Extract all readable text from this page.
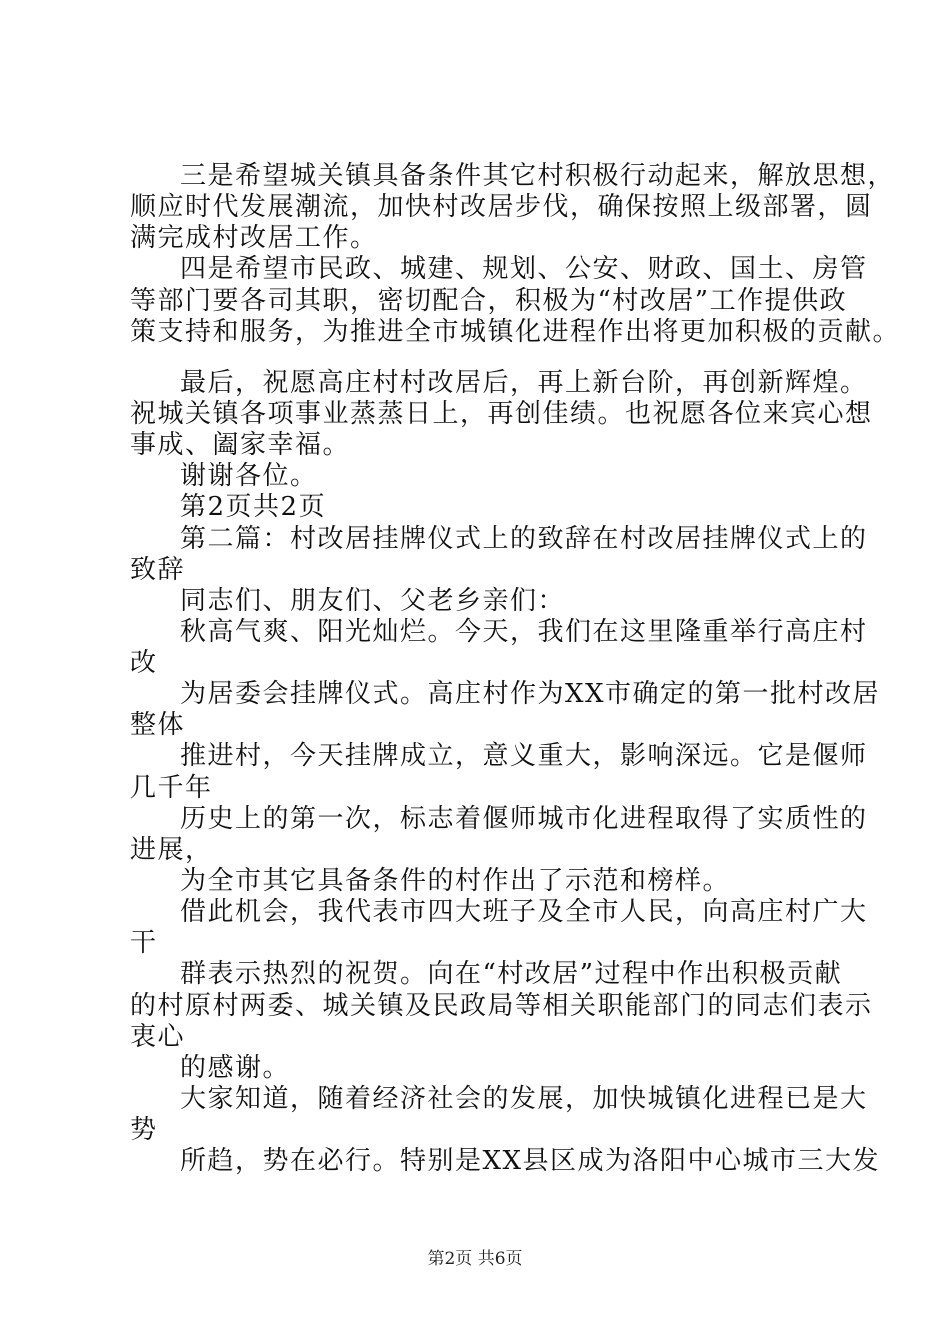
三是希望城关镇具备条件其它村积极行动起来，解放思想，
顺应时代发展潮流，加快村改居步伐，确保按照上级部署，圆
满完成村改居工作。
四是希望市民政、城建、规划、公安、财政、国土、房管
等部门要各司其职，密切配合，积极为“村改居”工作提供政
策支持和服务，为推进全市城镇化进程作出将更加积极的贡献。
最后，祝愿高庄村村改居后，再上新台阶，再创新辉煌。
祝城关镇各项事业蒸蒸日上，再创佳绩。也祝愿各位来宾心想
事成、阖家幸福。
谢谢各位。
第2页共2页
第二篇：村改居挂牌仪式上的致辞在村改居挂牌仪式上的
致辞
同志们、朋友们、父老乡亲们：
秋高气爽、阳光灿烂。今天，我们在这里隆重举行高庄村
改
为居委会挂牌仪式。高庄村作为XX市确定的第一批村改居
整体
推进村，今天挂牌成立，意义重大，影响深远。它是偃师
几千年
历史上的第一次，标志着偃师城市化进程取得了实质性的
进展，
为全市其它具备条件的村作出了示范和榜样。
借此机会，我代表市四大班子及全市人民，向高庄村广大
干
群表示热烈的祝贺。向在“村改居”过程中作出积极贡献
的村原村两委、城关镇及民政局等相关职能部门的同志们表示
衷心
的感谢。
大家知道，随着经济社会的发展，加快城镇化进程已是大
势
所趋，势在必行。特别是XX县区成为洛阳中心城市三大发
第2页 共6页
